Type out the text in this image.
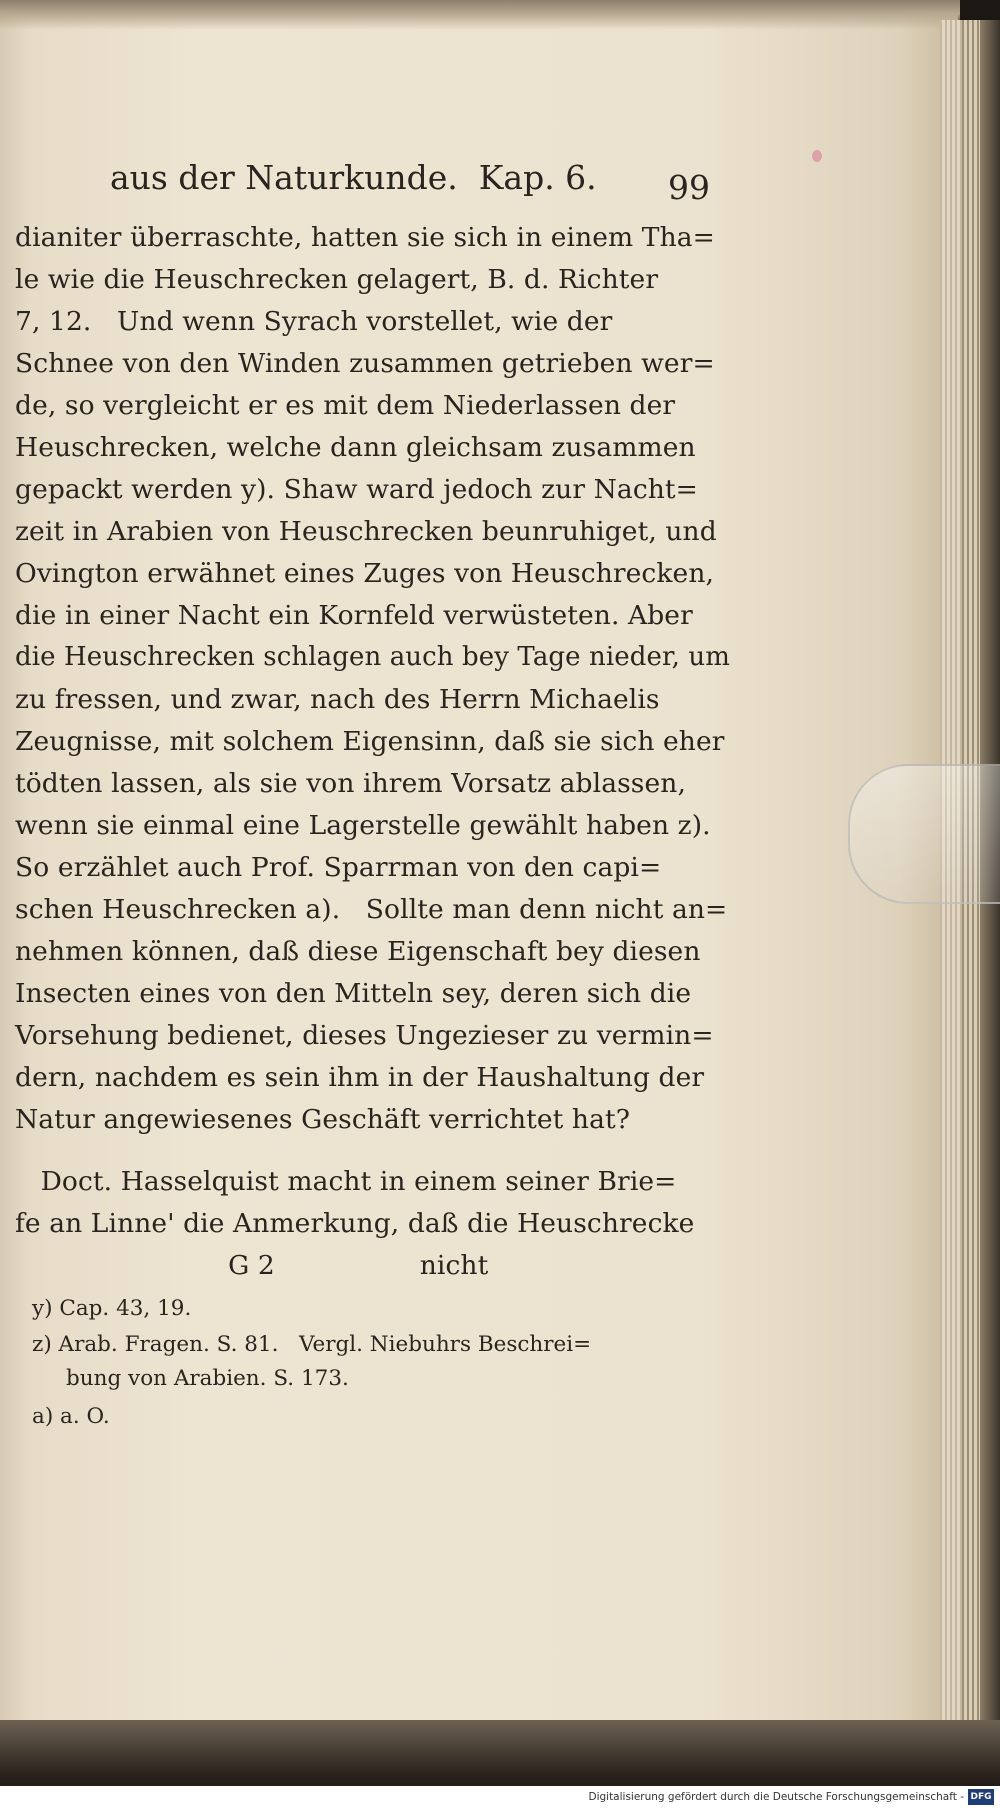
aus der Naturkunde.  Kap. 6. 99
dianiter überraschte, hatten sie sich in einem Tha=
le wie die Heuschrecken gelagert, B. d. Richter
7, 12.   Und wenn Syrach vorstellet, wie der
Schnee von den Winden zusammen getrieben wer=
de, so vergleicht er es mit dem Niederlassen der
Heuschrecken, welche dann gleichsam zusammen
gepackt werden y). Shaw ward jedoch zur Nacht=
zeit in Arabien von Heuschrecken beunruhiget, und
Ovington erwähnet eines Zuges von Heuschrecken,
die in einer Nacht ein Kornfeld verwüsteten. Aber
die Heuschrecken schlagen auch bey Tage nieder, um
zu fressen, und zwar, nach des Herrn Michaelis
Zeugnisse, mit solchem Eigensinn, daß sie sich eher
tödten lassen, als sie von ihrem Vorsatz ablassen,
wenn sie einmal eine Lagerstelle gewählt haben z).
So erzählet auch Prof. Sparrman von den capi=
schen Heuschrecken a).   Sollte man denn nicht an=
nehmen können, daß diese Eigenschaft bey diesen
Insecten eines von den Mitteln sey, deren sich die
Vorsehung bedienet, dieses Ungezieser zu vermin=
dern, nachdem es sein ihm in der Haushaltung der
Natur angewiesenes Geschäft verrichtet hat?
Doct. Hasselquist macht in einem seiner Brie=
fe an Linne' die Anmerkung, daß die Heuschrecke
G 2                 nicht
y) Cap. 43, 19.
z) Arab. Fragen. S. 81.   Vergl. Niebuhrs Beschrei=
bung von Arabien. S. 173.
a) a. O.
Digitalisierung gefördert durch die Deutsche Forschungsgemeinschaft - DFG
